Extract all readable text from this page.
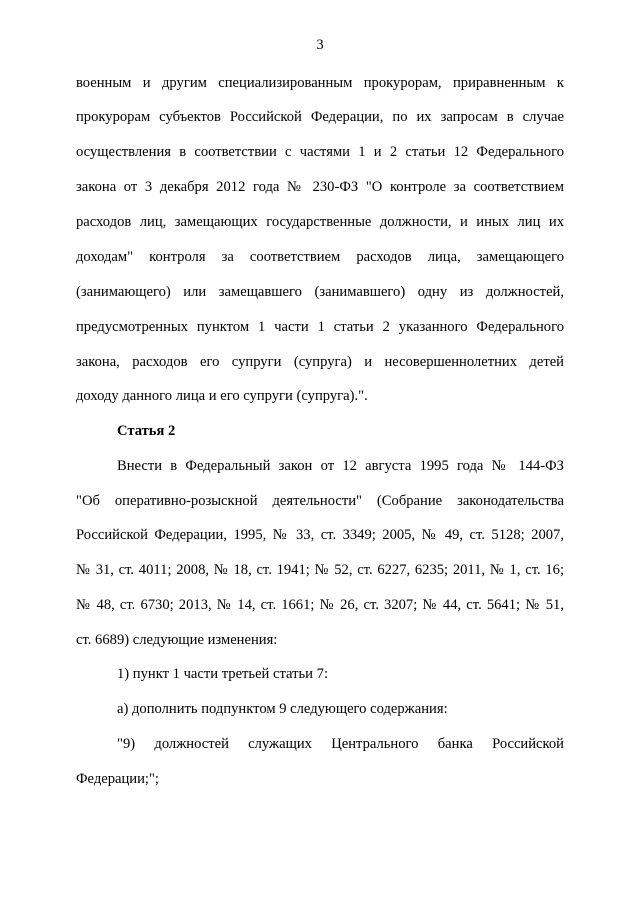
3
военным и другим специализированным прокурорам, приравненным к
прокурорам субъектов Российской Федерации, по их запросам в случае
осуществления в соответствии с частями 1 и 2 статьи 12 Федерального
закона от 3 декабря 2012 года № 230-ФЗ "О контроле за соответствием
расходов лиц, замещающих государственные должности, и иных лиц их
доходам" контроля за соответствием расходов лица, замещающего
(занимающего) или замещавшего (занимавшего) одну из должностей,
предусмотренных пунктом 1 части 1 статьи 2 указанного Федерального
закона, расходов его супруги (супруга) и несовершеннолетних детей
доходу данного лица и его супруги (супруга).".
Статья 2
Внести в Федеральный закон от 12 августа 1995 года № 144-ФЗ
"Об оперативно-розыскной деятельности" (Собрание законодательства
Российской Федерации, 1995, № 33, ст. 3349; 2005, № 49, ст. 5128; 2007,
№ 31, ст. 4011; 2008, № 18, ст. 1941; № 52, ст. 6227, 6235; 2011, № 1, ст. 16;
№ 48, ст. 6730; 2013, № 14, ст. 1661; № 26, ст. 3207; № 44, ст. 5641; № 51,
ст. 6689) следующие изменения:
1) пункт 1 части третьей статьи 7:
а) дополнить подпунктом 9 следующего содержания:
"9) должностей служащих Центрального банка Российской
Федерации;";
